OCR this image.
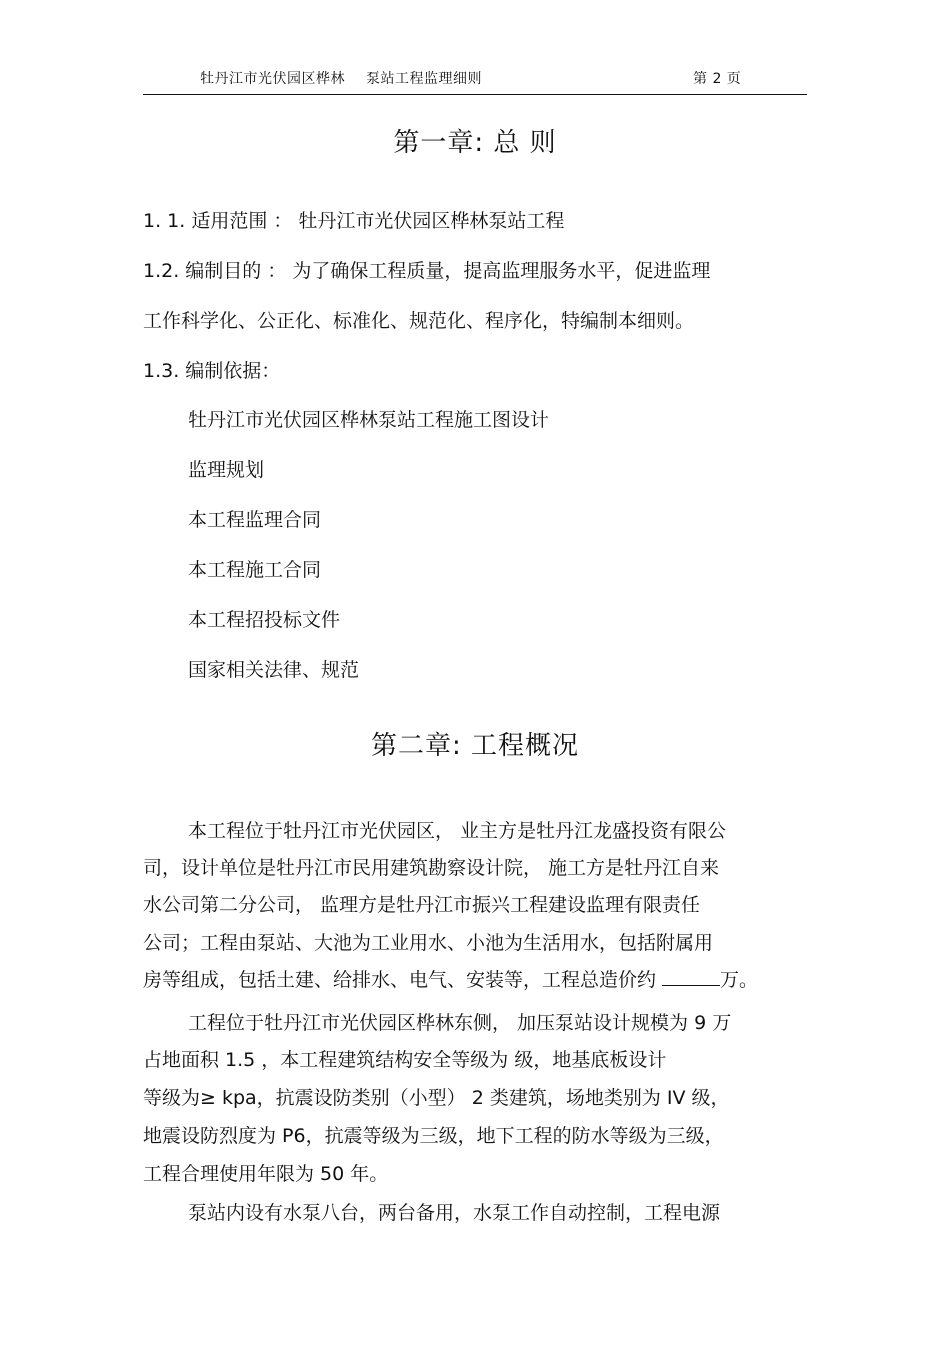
牡丹江市光伏园区桦林 泵站工程监理细则	第 2 页
第一章: 总 则
1. 1. 适用范围 ： 牡丹江市光伏园区桦林泵站工程
1.2. 编制目的 ： 为了确保工程质量，提高监理服务水平，促进监理
工作科学化、公正化、标准化、规范化、程序化，特编制本细则。
1.3. 编制依据：
牡丹江市光伏园区桦林泵站工程施工图设计
监理规划
本工程监理合同
本工程施工合同
本工程招投标文件
国家相关法律、规范
第二章: 工程概况
本工程位于牡丹江市光伏园区， 业主方是牡丹江龙盛投资有限公
司，设计单位是牡丹江市民用建筑勘察设计院， 施工方是牡丹江自来
水公司第二分公司， 监理方是牡丹江市振兴工程建设监理有限责任
公司；工程由泵站、大池为工业用水、小池为生活用水，包括附属用
房等组成，包括土建、给排水、电气、安装等，工程总造价约	万。
工程位于牡丹江市光伏园区桦林东侧， 加压泵站设计规模为 9 万
占地面积 1.5 ，本工程建筑结构安全等级为 级，地基底板设计
等级为≥ kpa，抗震设防类别（小型） 2 类建筑，场地类别为 IV 级，
地震设防烈度为 P6，抗震等级为三级，地下工程的防水等级为三级，
工程合理使用年限为 50 年。
泵站内设有水泵八台，两台备用，水泵工作自动控制，工程电源
